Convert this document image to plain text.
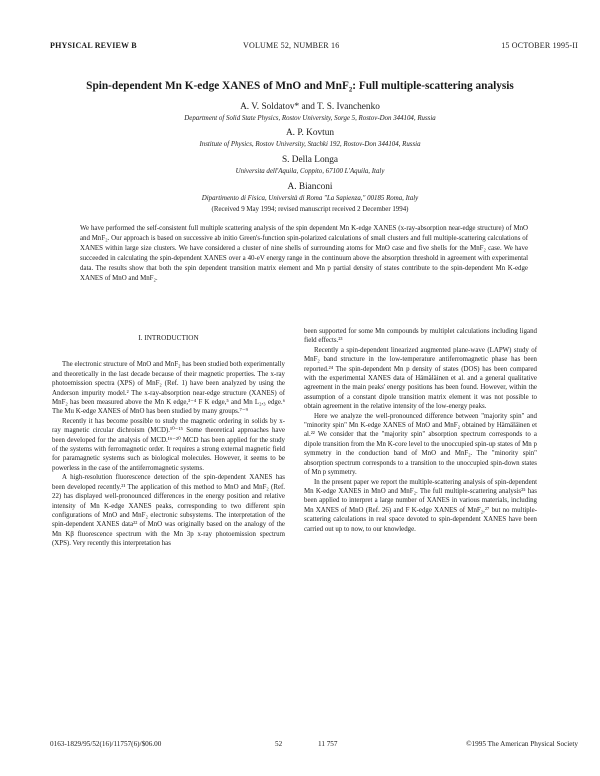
PHYSICAL REVIEW B	VOLUME 52, NUMBER 16	15 OCTOBER 1995-II
Spin-dependent Mn K-edge XANES of MnO and MnF₂: Full multiple-scattering analysis
A. V. Soldatov* and T. S. Ivanchenko
Department of Solid State Physics, Rostov University, Sorge 5, Rostov-Don 344104, Russia
A. P. Kovtun
Institute of Physics, Rostov University, Stachki 192, Rostov-Don 344104, Russia
S. Della Longa
Universita dell'Aquila, Coppito, 67100 L'Aquila, Italy
A. Bianconi
Dipartimento di Fisica, Università di Roma "La Sapienza," 00185 Roma, Italy
(Received 9 May 1994; revised manuscript received 2 December 1994)
We have performed the self-consistent full multiple scattering analysis of the spin dependent Mn K-edge XANES (x-ray-absorption near-edge structure) of MnO and MnF₂. Our approach is based on successive ab initio Green's-function spin-polarized calculations of small clusters and full multiple-scattering calculations of XANES within large size clusters. We have considered a cluster of nine shells of surrounding atoms for MnO case and five shells for the MnF₂ case. We have succeeded in calculating the spin-dependent XANES over a 40-eV energy range in the continuum above the absorption threshold in agreement with experimental data. The results show that both the spin dependent transition matrix element and Mn p partial density of states contribute to the spin-dependent Mn K-edge XANES of MnO and MnF₂.

I. INTRODUCTION

The electronic structure of MnO and MnF₂ has been studied both experimentally and theoretically in the last decade because of their magnetic properties. The x-ray photoemission spectra (XPS) of MnF₂ (Ref. 1) have been analyzed by using the Anderson impurity model.² The x-ray-absorption near-edge structure (XANES) of MnF₂ has been measured above the Mn K edge,³⁻⁴ F K edge,⁵ and Mn L₂,₃ edge.⁶ The Mu K-edge XANES of MnO has been studied by many groups.⁷⁻⁹

Recently it has become possible to study the magnetic ordering in solids by x-ray magnetic circular dichroism (MCD).¹⁰⁻¹⁵ Some theoretical approaches have been developed for the analysis of MCD.¹⁶⁻²⁰ MCD has been applied for the study of the systems with ferromagnetic order. It requires a strong external magnetic field for paramagnetic systems such as biological molecules. However, it seems to be powerless in the case of the antiferromagnetic systems.

A high-resolution fluorescence detection of the spin-dependent XANES has been developed recently.²¹ The application of this method to MnO and MnF₂ (Ref. 22) has displayed well-pronounced differences in the energy position and relative intensity of Mn K-edge XANES peaks, corresponding to two different spin configurations of MnO and MnF₂ electronic subsystems. The interpretation of the spin-dependent XANES data²² of MnO was originally based on the analogy of the Mn Kβ fluorescence spectrum with the Mn 3p x-ray photoemission spectrum (XPS). Very recently this interpretation has

been supported for some Mn compounds by multiplet calculations including ligand field effects.²³

Recently a spin-dependent linearized augmented plane-wave (LAPW) study of MnF₂ band structure in the low-temperature antiferromagnetic phase has been reported.²⁴ The spin-dependent Mn p density of states (DOS) has been compared with the experimental XANES data of Hämäläinen et al. and a general qualitative agreement in the main peaks' energy positions has been found. However, within the assumption of a constant dipole transition matrix element it was not possible to obtain agreement in the relative intensity of the low-energy peaks.

Here we analyze the well-pronounced difference between "majority spin" and "minority spin" Mn K-edge XANES of MnO and MnF₂ obtained by Hämäläinen et al.²² We consider that the "majority spin" absorption spectrum corresponds to a dipole transition from the Mn K-core level to the unoccupied spin-up states of Mn p symmetry in the conduction band of MnO and MnF₂. The "minority spin" absorption spectrum corresponds to a transition to the unoccupied spin-down states of Mn p symmetry.

In the present paper we report the multiple-scattering analysis of spin-dependent Mn K-edge XANES in MnO and MnF₂. The full multiple-scattering analysis²⁵ has been applied to interpret a large number of XANES in various materials, including Mn XANES of MnO (Ref. 26) and F K-edge XANES of MnF₂,²⁷ but no multiple-scattering calculations in real space devoted to spin-dependent XANES have been carried out up to now, to our knowledge.

0163-1829/95/52(16)/11757(6)/$06.00	52	11 757	©1995 The American Physical Society
